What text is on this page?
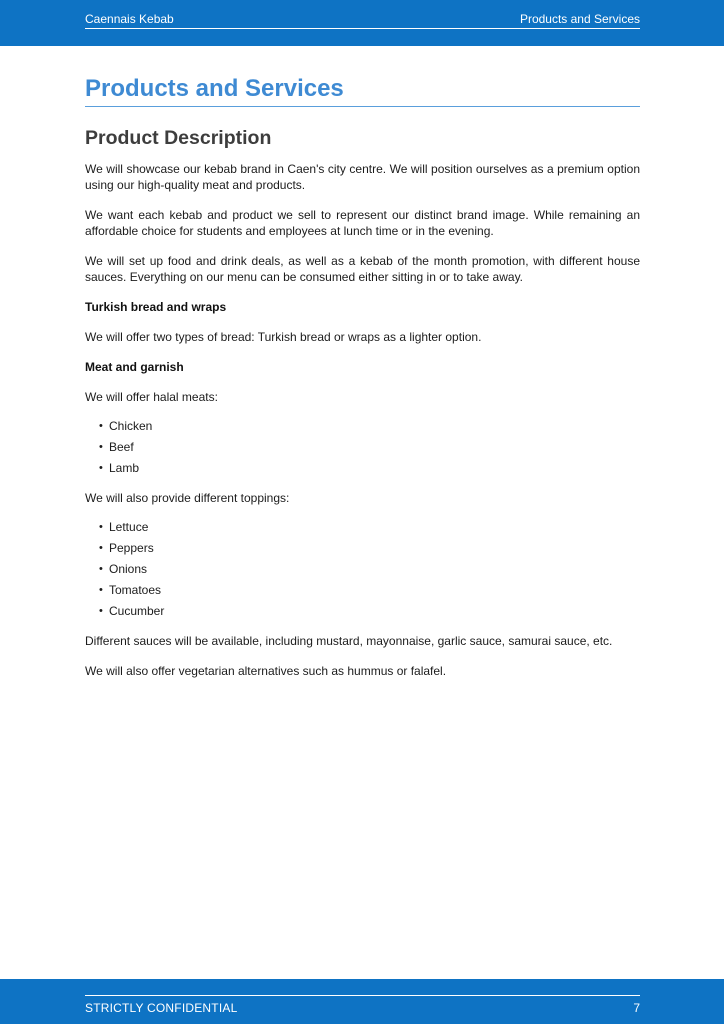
Caennais Kebab	Products and Services
Products and Services
Product Description

We will showcase our kebab brand in Caen's city centre. We will position ourselves as a premium option using our high-quality meat and products.

We want each kebab and product we sell to represent our distinct brand image. While remaining an affordable choice for students and employees at lunch time or in the evening.

We will set up food and drink deals, as well as a kebab of the month promotion, with different house sauces. Everything on our menu can be consumed either sitting in or to take away.

Turkish bread and wraps

We will offer two types of bread: Turkish bread or wraps as a lighter option.

Meat and garnish

We will offer halal meats:

• Chicken
• Beef
• Lamb

We will also provide different toppings:

• Lettuce
• Peppers
• Onions
• Tomatoes
• Cucumber

Different sauces will be available, including mustard, mayonnaise, garlic sauce, samurai sauce, etc.

We will also offer vegetarian alternatives such as hummus or falafel.

STRICTLY CONFIDENTIAL	7
